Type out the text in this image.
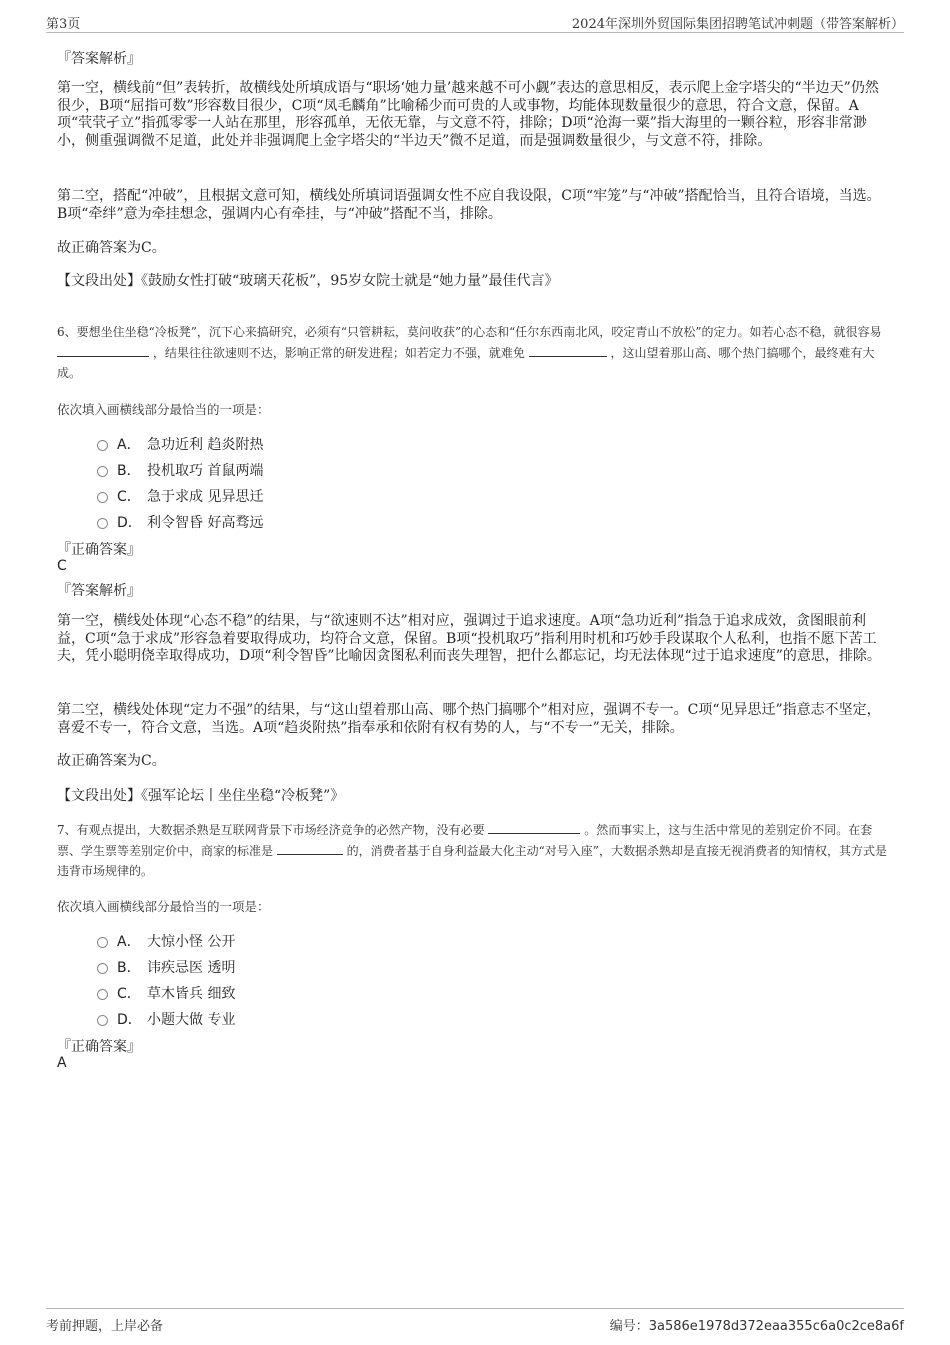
第3页	2024年深圳外贸国际集团招聘笔试冲刺题（带答案解析）
『答案解析』
第一空，横线前“但”表转折，故横线处所填成语与“职场‘她力量’越来越不可小觑”表达的意思相反，表示爬上金字塔尖的“半边天”仍然很少，B项“屈指可数”形容数目很少，C项“凤毛麟角”比喻稀少而可贵的人或事物，均能体现数量很少的意思，符合文意，保留。A项“茕茕孑立”指孤零零一人站在那里，形容孤单，无依无靠，与文意不符，排除；D项“沧海一粟”指大海里的一颗谷粒，形容非常渺小，侧重强调微不足道，此处并非强调爬上金字塔尖的“半边天”微不足道，而是强调数量很少，与文意不符，排除。
第二空，搭配“冲破”，且根据文意可知，横线处所填词语强调女性不应自我设限，C项“牢笼”与“冲破”搭配恰当，且符合语境，当选。B项“牵绊”意为牵挂想念，强调内心有牵挂，与“冲破”搭配不当，排除。
故正确答案为C。
【文段出处】《鼓励女性打破“玻璃天花板”，95岁女院士就是“她力量”最佳代言》
6、要想坐住坐稳“冷板凳”，沉下心来搞研究，必须有“只管耕耘，莫问收获”的心态和“任尔东西南北风，咬定青山不放松”的定力。如若心态不稳，就很容易  ，结果往往欲速则不达，影响正常的研发进程；如若定力不强，就难免	，这山望着那山高、哪个热门搞哪个，最终难有大成。
依次填入画横线部分最恰当的一项是：
A． 急功近利 趋炎附热
B． 投机取巧 首鼠两端
C． 急于求成 见异思迁
D． 利令智昏 好高骛远
『正确答案』
C
『答案解析』
第一空，横线处体现“心态不稳”的结果，与“欲速则不达”相对应，强调过于追求速度。A项“急功近利”指急于追求成效，贪图眼前利益，C项“急于求成”形容急着要取得成功，均符合文意，保留。B项“投机取巧”指利用时机和巧妙手段谋取个人私利，也指不愿下苦工夫，凭小聪明侥幸取得成功，D项“利令智昏”比喻因贪图私利而丧失理智，把什么都忘记，均无法体现“过于追求速度”的意思，排除。
第二空，横线处体现“定力不强”的结果，与“这山望着那山高、哪个热门搞哪个”相对应，强调不专一。C项“见异思迁”指意志不坚定，喜爱不专一，符合文意，当选。A项“趋炎附热”指奉承和依附有权有势的人，与“不专一”无关，排除。
故正确答案为C。
【文段出处】《强军论坛丨坐住坐稳“冷板凳”》
7、有观点提出，大数据杀熟是互联网背景下市场经济竞争的必然产物，没有必要	。然而事实上，这与生活中常见的差别定价不同。在套票、学生票等差别定价中，商家的标准是	的，消费者基于自身利益最大化主动“对号入座”，大数据杀熟却是直接无视消费者的知情权，其方式是违背市场规律的。
依次填入画横线部分最恰当的一项是：
A． 大惊小怪 公开
B． 讳疾忌医 透明
C． 草木皆兵 细致
D． 小题大做 专业
『正确答案』
A
考前押题，上岸必备	编号：3a586e1978d372eaa355c6a0c2ce8a6f
